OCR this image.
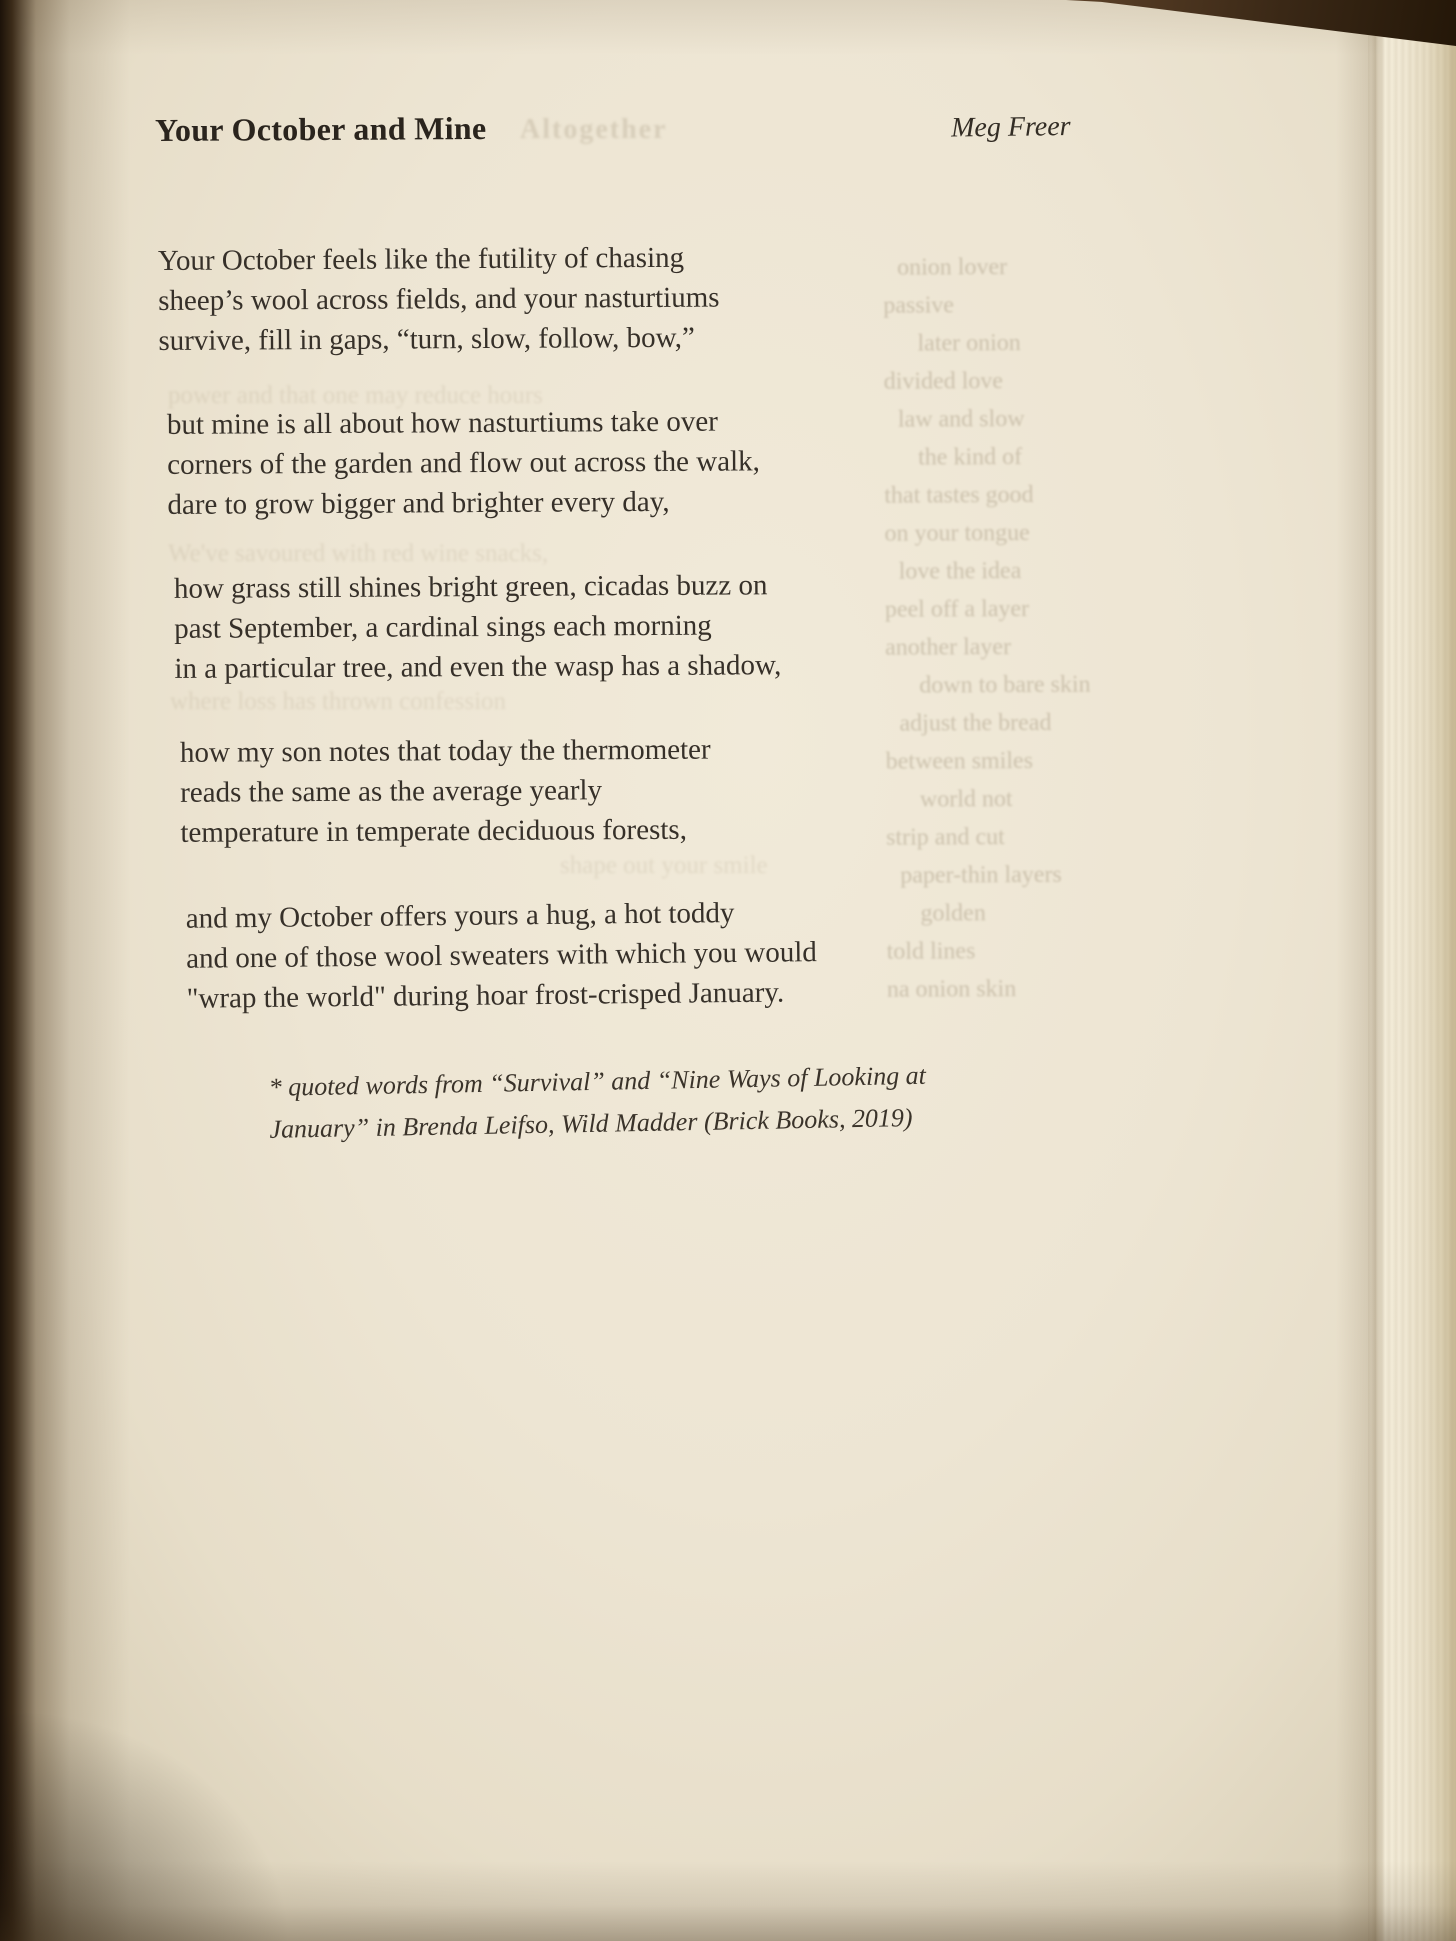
Altogether
onion lover
passive
later onion
divided love
law and slow
the kind of
that tastes good
on your tongue
love the idea
peel off a layer
another layer
down to bare skin
adjust the bread
between smiles
world not
strip and cut
paper-thin layers
golden
told lines
na onion skin
power and that one may reduce hours
We've savoured with red wine snacks,
where loss has thrown confession
shape out your smile
Your October and Mine	Meg Freer
Your October feels like the futility of chasing
sheep’s wool across fields, and your nasturtiums
survive, fill in gaps, “turn, slow, follow, bow,”
but mine is all about how nasturtiums take over
corners of the garden and flow out across the walk,
dare to grow bigger and brighter every day,
how grass still shines bright green, cicadas buzz on
past September, a cardinal sings each morning
in a particular tree, and even the wasp has a shadow,
how my son notes that today the thermometer
reads the same as the average yearly
temperature in temperate deciduous forests,
and my October offers yours a hug, a hot toddy
and one of those wool sweaters with which you would
"wrap the world" during hoar frost-crisped January.
* quoted words from “Survival” and “Nine Ways of Looking at
January” in Brenda Leifso, Wild Madder (Brick Books, 2019)
